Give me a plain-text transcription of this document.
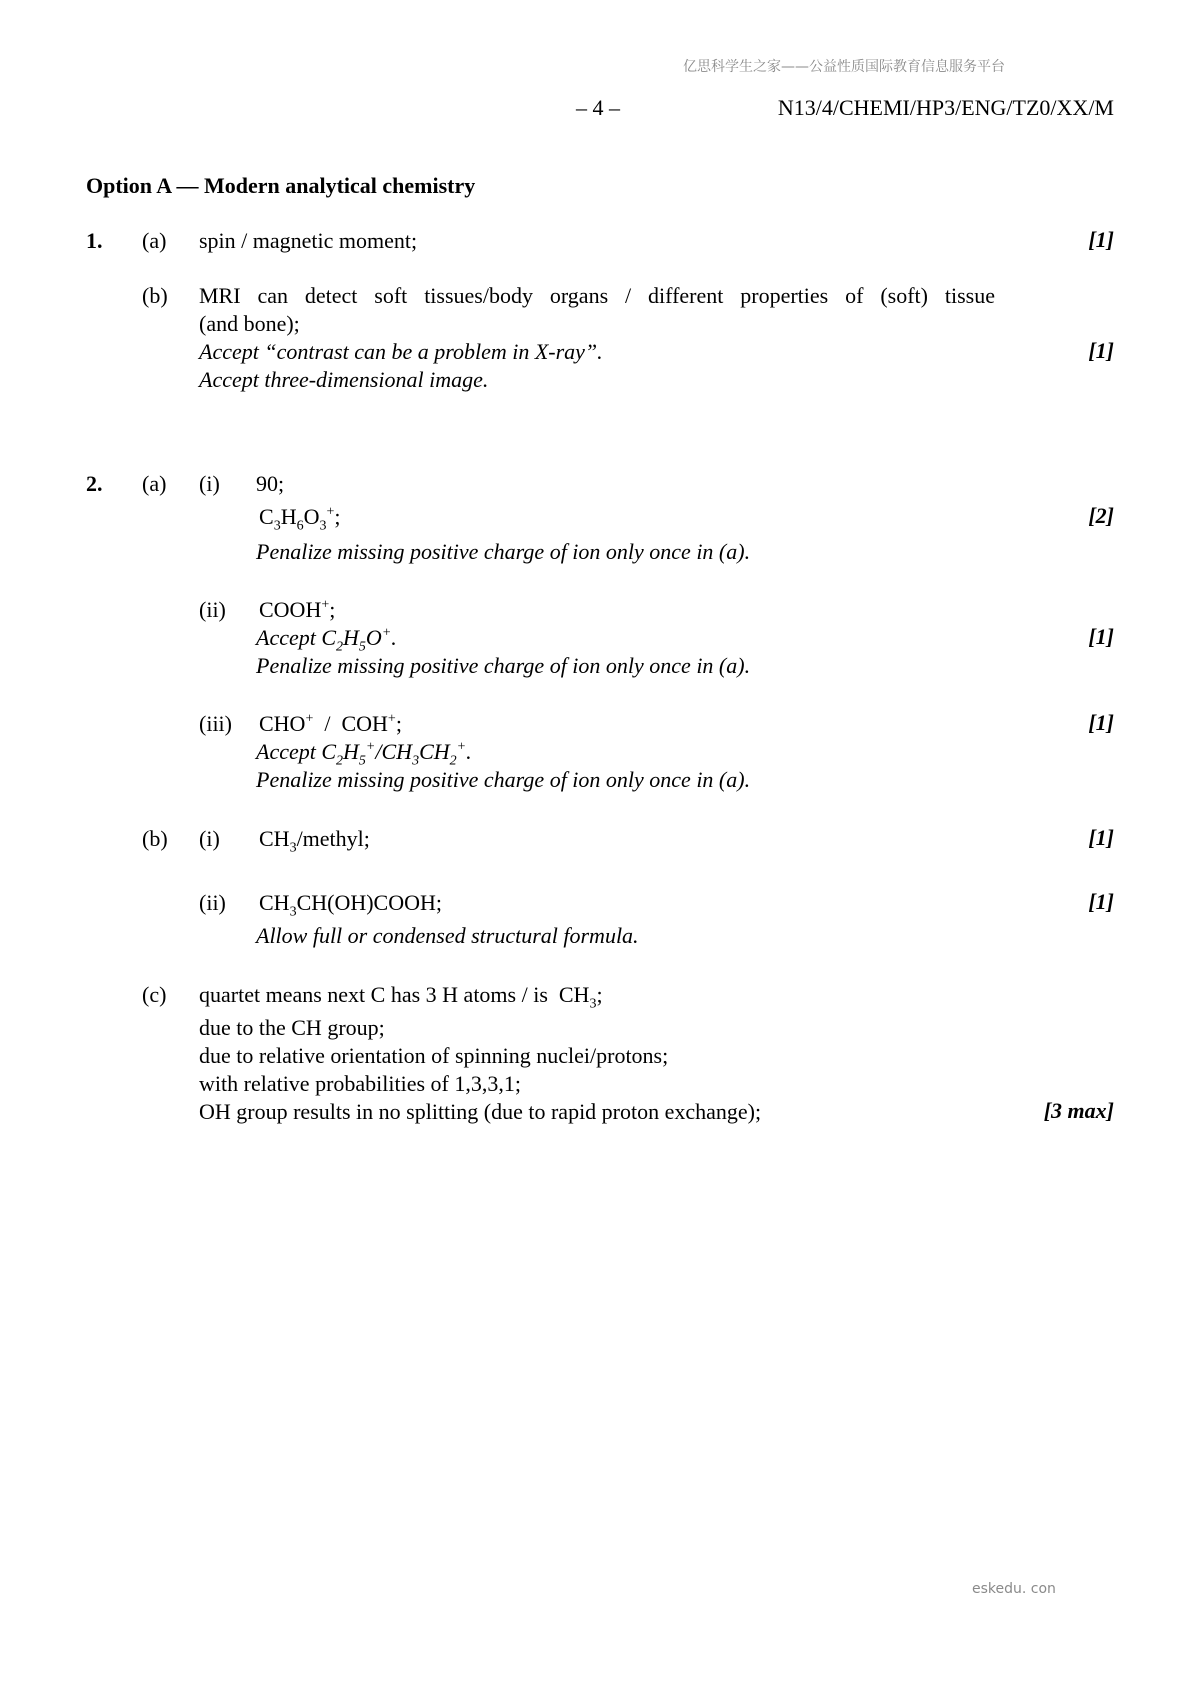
亿思科学生之家——公益性质国际教育信息服务平台
eskedu. con
– 4 –	N13/4/CHEMI/HP3/ENG/TZ0/XX/M
Option A — Modern analytical chemistry
1. (a) spin / magnetic moment;	[1]
(b) MRI can detect soft tissues/body organs / different properties of (soft) tissue
(and bone);
Accept “contrast can be a problem in X-ray”.	[1]
Accept three-dimensional image.
2. (a) (i) 90;
$C_3H_6O_3^+$;	[2]
Penalize missing positive charge of ion only once in (a).
(ii) COOH+;
Accept $C_2H_5O^+$.	[1]
Penalize missing positive charge of ion only once in (a).
(iii) CHO+  /  COH+;	[1]
Accept $C_2H_5^+/CH_3CH_2^+$.
Penalize missing positive charge of ion only once in (a).
(b) (i) $CH_3$/methyl;	[1]
(ii) $CH_3CH(OH)COOH$;	[1]
Allow full or condensed structural formula.
(c) quartet means next C has 3 H atoms / is  $CH_3$;
due to the CH group;
due to relative orientation of spinning nuclei/protons;
with relative probabilities of 1,3,3,1;
OH group results in no splitting (due to rapid proton exchange);	[3 max]
